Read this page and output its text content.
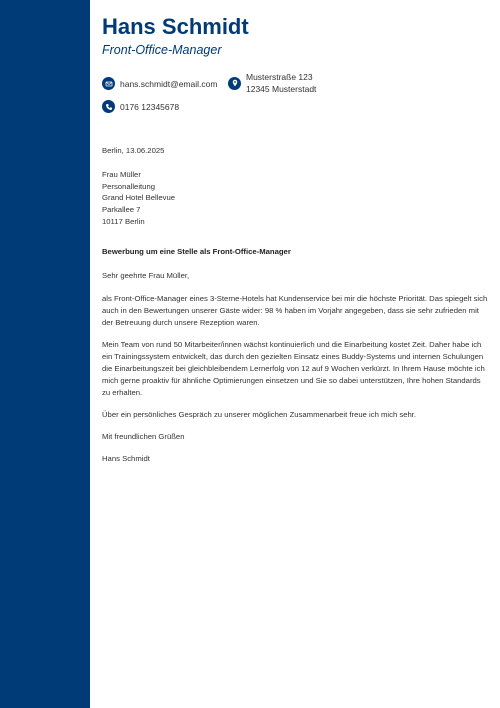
Hans Schmidt
Front-Office-Manager
hans.schmidt@email.com
Musterstraße 123
12345 Musterstadt
0176 12345678

Berlin, 13.06.2025

Frau Müller
Personalleitung
Grand Hotel Bellevue
Parkallee 7
10117 Berlin

Bewerbung um eine Stelle als Front-Office-Manager

Sehr geehrte Frau Müller,

als Front-Office-Manager eines 3-Sterne-Hotels hat Kundenservice bei mir die höchste Priorität. Das spiegelt sich auch in den Bewertungen unserer Gäste wider: 98 % haben im Vorjahr angegeben, dass sie sehr zufrieden mit der Betreuung durch unsere Rezeption waren.

Mein Team von rund 50 Mitarbeiter/innen wächst kontinuierlich und die Einarbeitung kostet Zeit. Daher habe ich ein Trainingssystem entwickelt, das durch den gezielten Einsatz eines Buddy-Systems und internen Schulungen die Einarbeitungszeit bei gleichbleibendem Lernerfolg von 12 auf 9 Wochen verkürzt. In Ihrem Hause möchte ich mich gerne proaktiv für ähnliche Optimierungen einsetzen und Sie so dabei unterstützen, Ihre hohen Standards zu erhalten.

Über ein persönliches Gespräch zu unserer möglichen Zusammenarbeit freue ich mich sehr.

Mit freundlichen Grüßen

Hans Schmidt
